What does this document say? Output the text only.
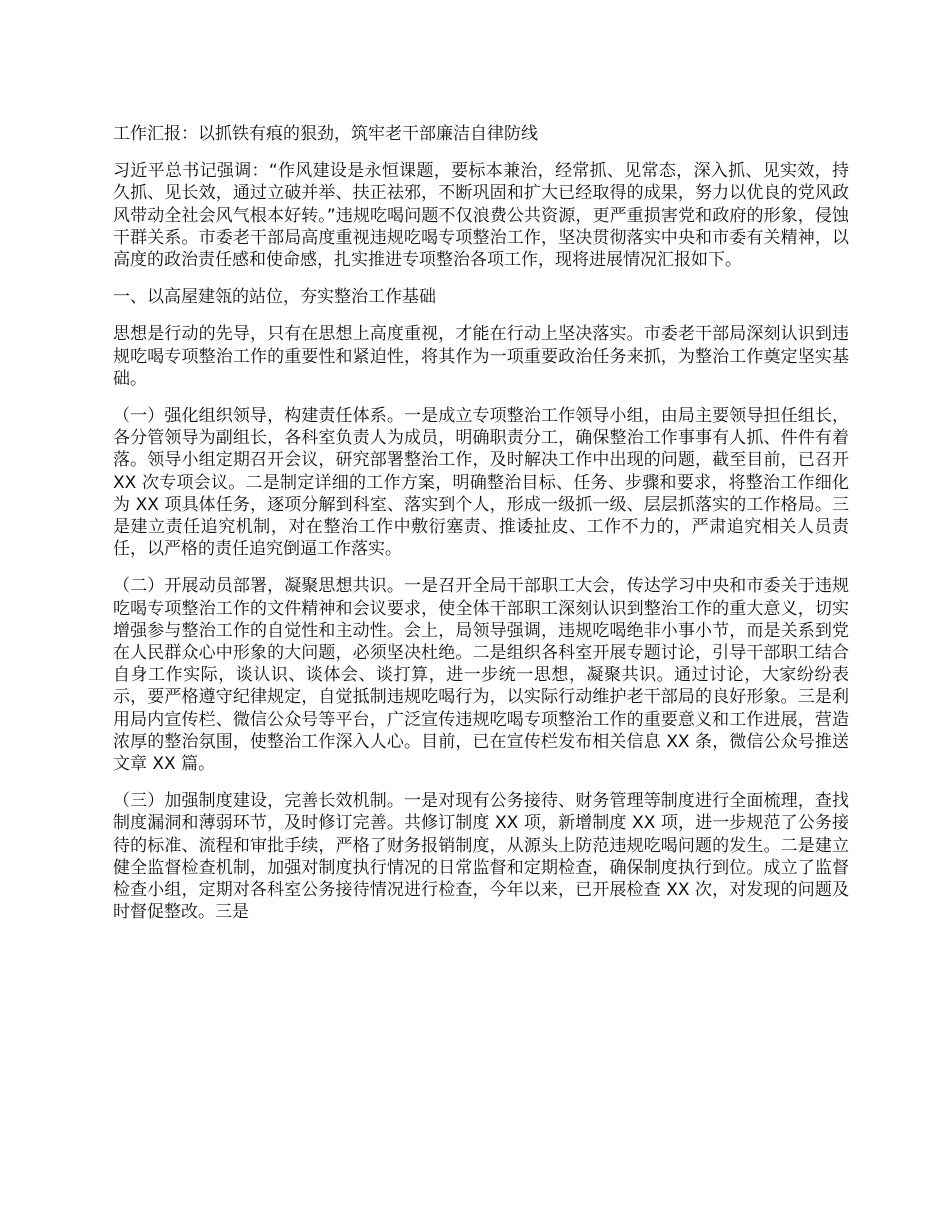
工作汇报：以抓铁有痕的狠劲，筑牢老干部廉洁自律防线
习近平总书记强调：“作风建设是永恒课题，要标本兼治，经常抓、见常态，深入抓、见实效，持久抓、见长效，通过立破并举、扶正祛邪，不断巩固和扩大已经取得的成果，努力以优良的党风政风带动全社会风气根本好转。”违规吃喝问题不仅浪费公共资源，更严重损害党和政府的形象，侵蚀干群关系。市委老干部局高度重视违规吃喝专项整治工作，坚决贯彻落实中央和市委有关精神，以高度的政治责任感和使命感，扎实推进专项整治各项工作，现将进展情况汇报如下。
一、以高屋建瓴的站位，夯实整治工作基础
思想是行动的先导，只有在思想上高度重视，才能在行动上坚决落实。市委老干部局深刻认识到违规吃喝专项整治工作的重要性和紧迫性，将其作为一项重要政治任务来抓，为整治工作奠定坚实基础。
（一）强化组织领导，构建责任体系。一是成立专项整治工作领导小组，由局主要领导担任组长，各分管领导为副组长，各科室负责人为成员，明确职责分工，确保整治工作事事有人抓、件件有着落。领导小组定期召开会议，研究部署整治工作，及时解决工作中出现的问题，截至目前，已召开 XX 次专项会议。二是制定详细的工作方案，明确整治目标、任务、步骤和要求，将整治工作细化为 XX 项具体任务，逐项分解到科室、落实到个人，形成一级抓一级、层层抓落实的工作格局。三是建立责任追究机制，对在整治工作中敷衍塞责、推诿扯皮、工作不力的，严肃追究相关人员责任，以严格的责任追究倒逼工作落实。
（二）开展动员部署，凝聚思想共识。一是召开全局干部职工大会，传达学习中央和市委关于违规吃喝专项整治工作的文件精神和会议要求，使全体干部职工深刻认识到整治工作的重大意义，切实增强参与整治工作的自觉性和主动性。会上，局领导强调，违规吃喝绝非小事小节，而是关系到党在人民群众心中形象的大问题，必须坚决杜绝。二是组织各科室开展专题讨论，引导干部职工结合自身工作实际，谈认识、谈体会、谈打算，进一步统一思想，凝聚共识。通过讨论，大家纷纷表示，要严格遵守纪律规定，自觉抵制违规吃喝行为，以实际行动维护老干部局的良好形象。三是利用局内宣传栏、微信公众号等平台，广泛宣传违规吃喝专项整治工作的重要意义和工作进展，营造浓厚的整治氛围，使整治工作深入人心。目前，已在宣传栏发布相关信息 XX 条，微信公众号推送文章 XX 篇。
（三）加强制度建设，完善长效机制。一是对现有公务接待、财务管理等制度进行全面梳理，查找制度漏洞和薄弱环节，及时修订完善。共修订制度 XX 项，新增制度 XX 项，进一步规范了公务接待的标准、流程和审批手续，严格了财务报销制度，从源头上防范违规吃喝问题的发生。二是建立健全监督检查机制，加强对制度执行情况的日常监督和定期检查，确保制度执行到位。成立了监督检查小组，定期对各科室公务接待情况进行检查，今年以来，已开展检查 XX 次，对发现的问题及时督促整改。三是
